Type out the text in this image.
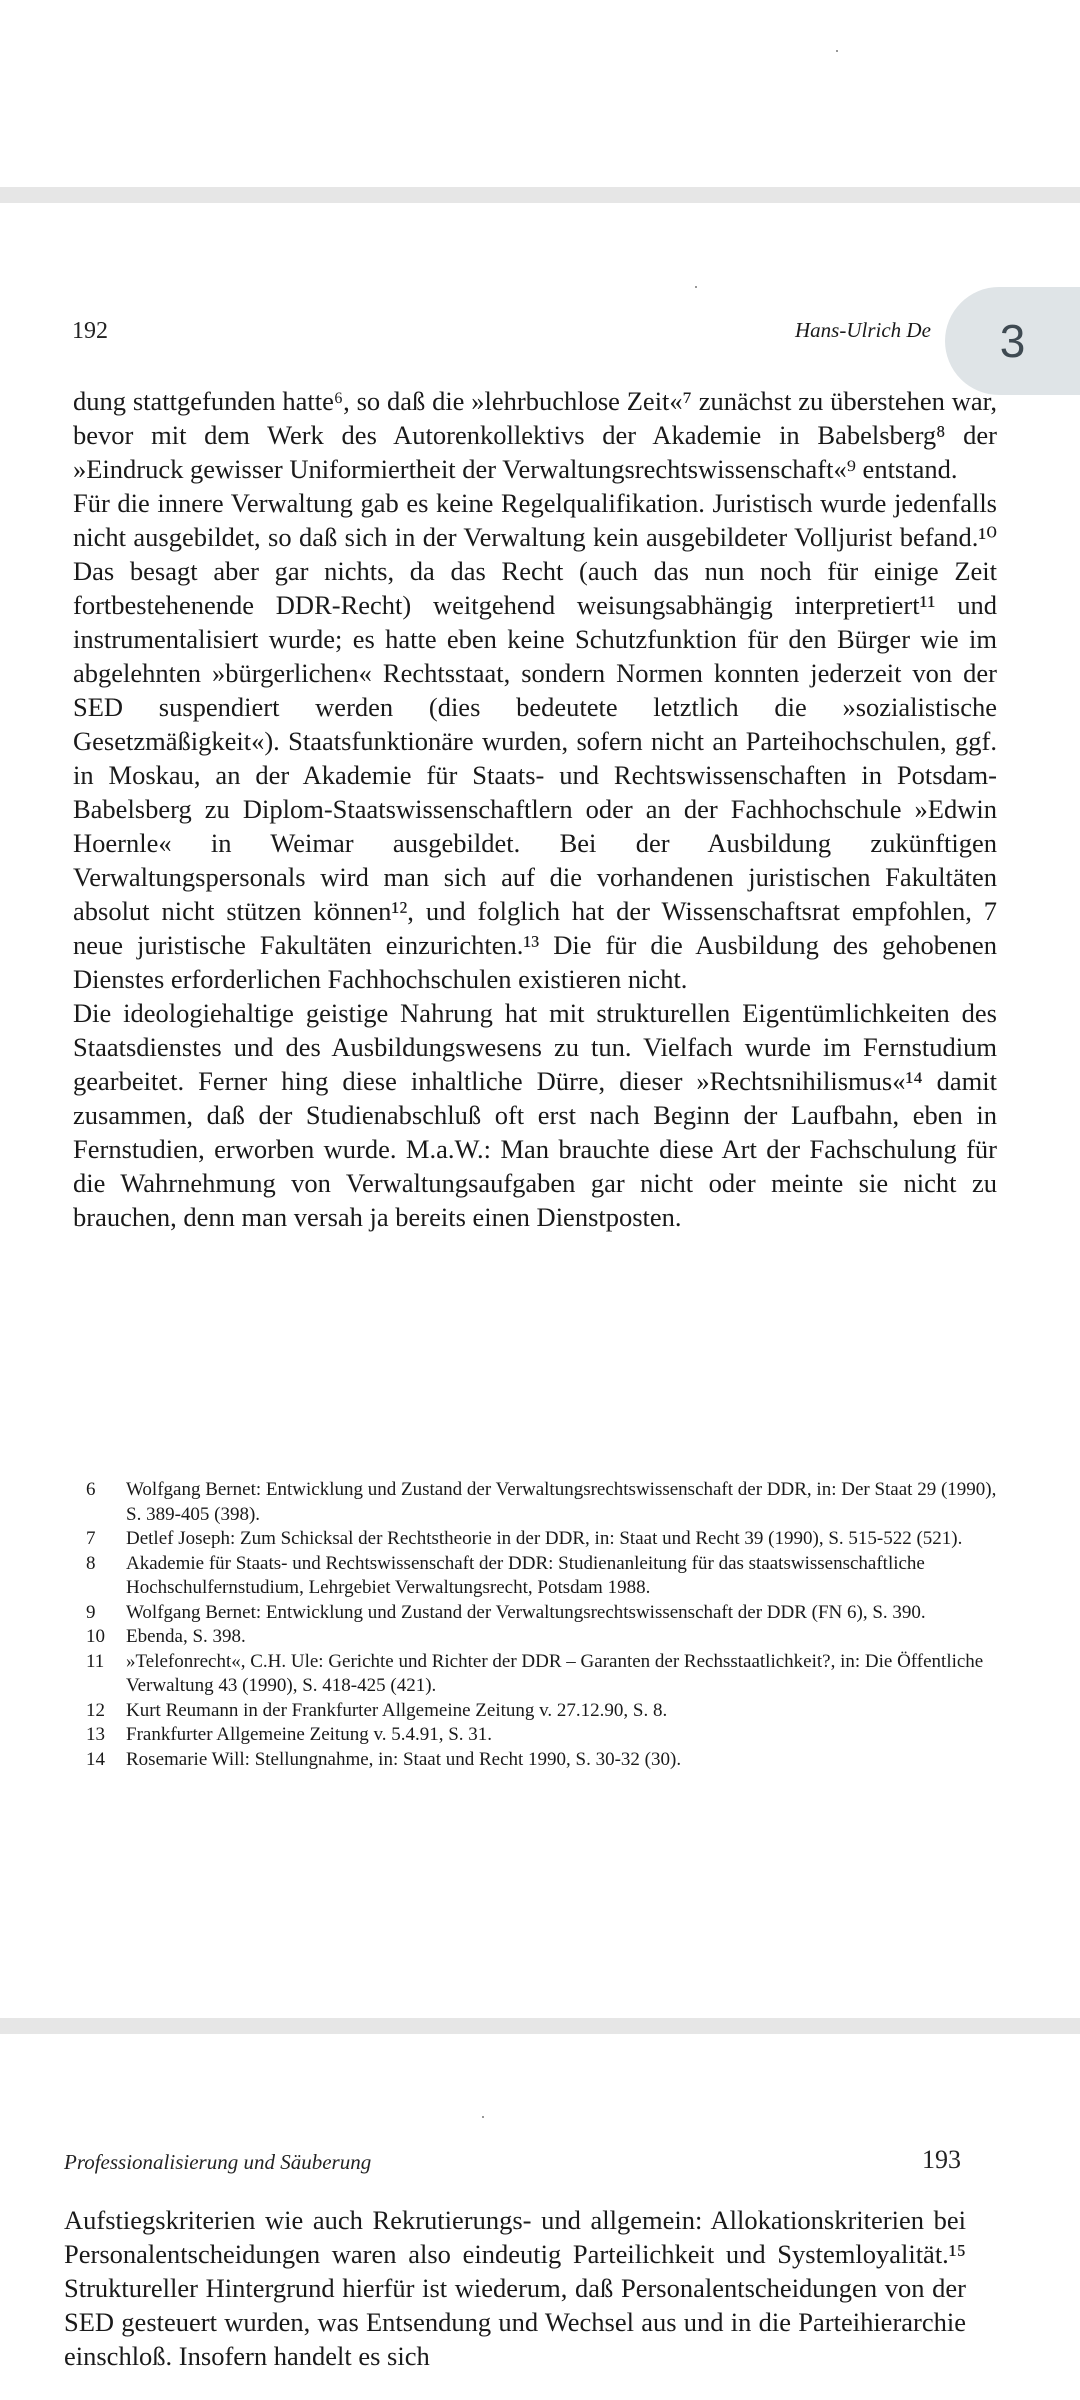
192	Hans-Ulrich De 3

dung stattgefunden hatte⁶, so daß die »lehrbuchlose Zeit«⁷ zunächst zu überstehen war, bevor mit dem Werk des Autorenkollektivs der Akademie in Babelsberg⁸ der »Eindruck gewisser Uniformiertheit der Verwaltungsrechtswissenschaft«⁹ entstand.

Für die innere Verwaltung gab es keine Regelqualifikation. Juristisch wurde jedenfalls nicht ausgebildet, so daß sich in der Verwaltung kein ausgebildeter Volljurist befand.¹⁰ Das besagt aber gar nichts, da das Recht (auch das nun noch für einige Zeit fortbestehenende DDR-Recht) weitgehend weisungsabhängig interpretiert¹¹ und instrumentalisiert wurde; es hatte eben keine Schutzfunktion für den Bürger wie im abgelehnten »bürgerlichen« Rechtsstaat, sondern Normen konnten jederzeit von der SED suspendiert werden (dies bedeutete letztlich die »sozialistische Gesetzmäßigkeit«). Staatsfunktionäre wurden, sofern nicht an Parteihochschulen, ggf. in Moskau, an der Akademie für Staats- und Rechtswissenschaften in Potsdam-Babelsberg zu Diplom-Staatswissenschaftlern oder an der Fachhochschule »Edwin Hoernle« in Weimar ausgebildet. Bei der Ausbildung zukünftigen Verwaltungspersonals wird man sich auf die vorhandenen juristischen Fakultäten absolut nicht stützen können¹², und folglich hat der Wissenschaftsrat empfohlen, 7 neue juristische Fakultäten einzurichten.¹³ Die für die Ausbildung des gehobenen Dienstes erforderlichen Fachhochschulen existieren nicht.

Die ideologiehaltige geistige Nahrung hat mit strukturellen Eigentümlichkeiten des Staatsdienstes und des Ausbildungswesens zu tun. Vielfach wurde im Fernstudium gearbeitet. Ferner hing diese inhaltliche Dürre, dieser »Rechtsnihilismus«¹⁴ damit zusammen, daß der Studienabschluß oft erst nach Beginn der Laufbahn, eben in Fernstudien, erworben wurde. M.a.W.: Man brauchte diese Art der Fachschulung für die Wahrnehmung von Verwaltungsaufgaben gar nicht oder meinte sie nicht zu brauchen, denn man versah ja bereits einen Dienstposten.

6	Wolfgang Bernet: Entwicklung und Zustand der Verwaltungsrechtswissenschaft der DDR, in: Der Staat 29 (1990), S. 389-405 (398).
7	Detlef Joseph: Zum Schicksal der Rechtstheorie in der DDR, in: Staat und Recht 39 (1990), S. 515-522 (521).
8	Akademie für Staats- und Rechtswissenschaft der DDR: Studienanleitung für das staatswissenschaftliche Hochschulfernstudium, Lehrgebiet Verwaltungsrecht, Potsdam 1988.
9	Wolfgang Bernet: Entwicklung und Zustand der Verwaltungsrechtswissenschaft der DDR (FN 6), S. 390.
10	Ebenda, S. 398.
11	»Telefonrecht«, C.H. Ule: Gerichte und Richter der DDR – Garanten der Rechsstaatlichkeit?, in: Die Öffentliche Verwaltung 43 (1990), S. 418-425 (421).
12	Kurt Reumann in der Frankfurter Allgemeine Zeitung v. 27.12.90, S. 8.
13	Frankfurter Allgemeine Zeitung v. 5.4.91, S. 31.
14	Rosemarie Will: Stellungnahme, in: Staat und Recht 1990, S. 30-32 (30).
Professionalisierung und Säuberung	193

Aufstiegskriterien wie auch Rekrutierungs- und allgemein: Allokationskriterien bei Personalentscheidungen waren also eindeutig Parteilichkeit und Systemloyalität.¹⁵ Struktureller Hintergrund hierfür ist wiederum, daß Personalentscheidungen von der SED gesteuert wurden, was Entsendung und Wechsel aus und in die Parteihierarchie einschloß. Insofern handelt es sich
